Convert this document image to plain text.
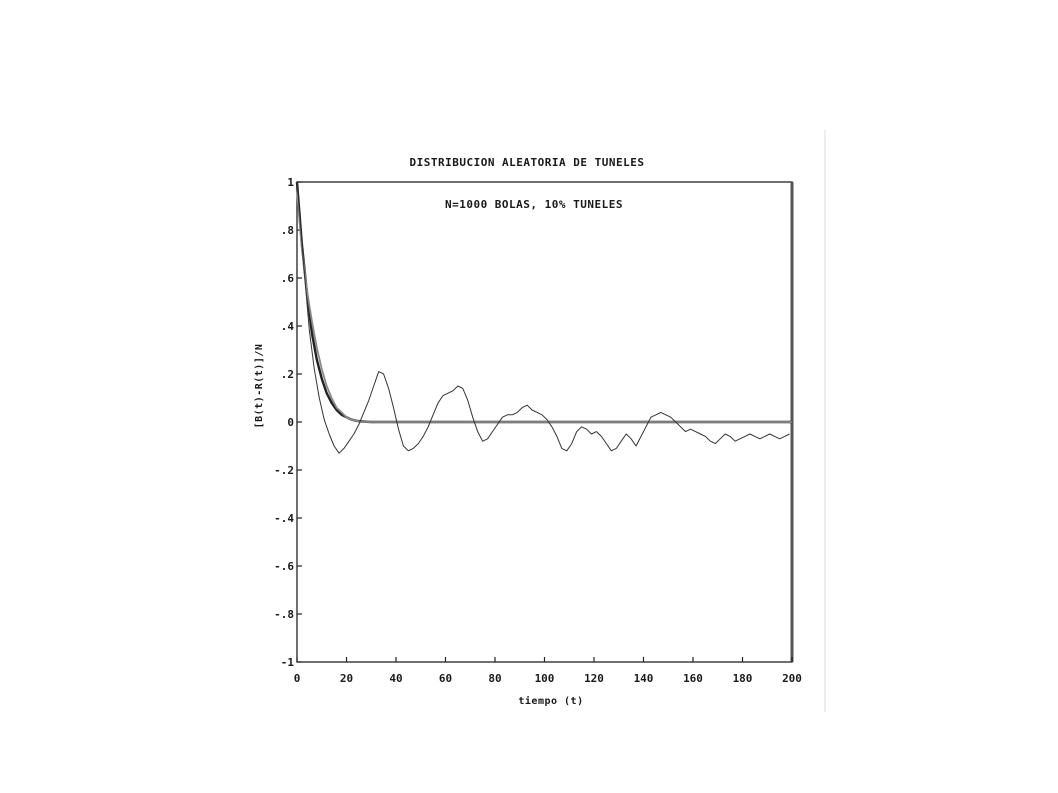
DISTRIBUCION ALEATORIA DE TUNELES
N=1000 BOLAS, 10% TUNELES
1
.8
.6
.4
.2
0
-.2
-.4
-.6
-.8
-1
0	20	40	60	80	100	120	140	160	180	200
tiempo (t)
[B(t)-R(t)]/N
